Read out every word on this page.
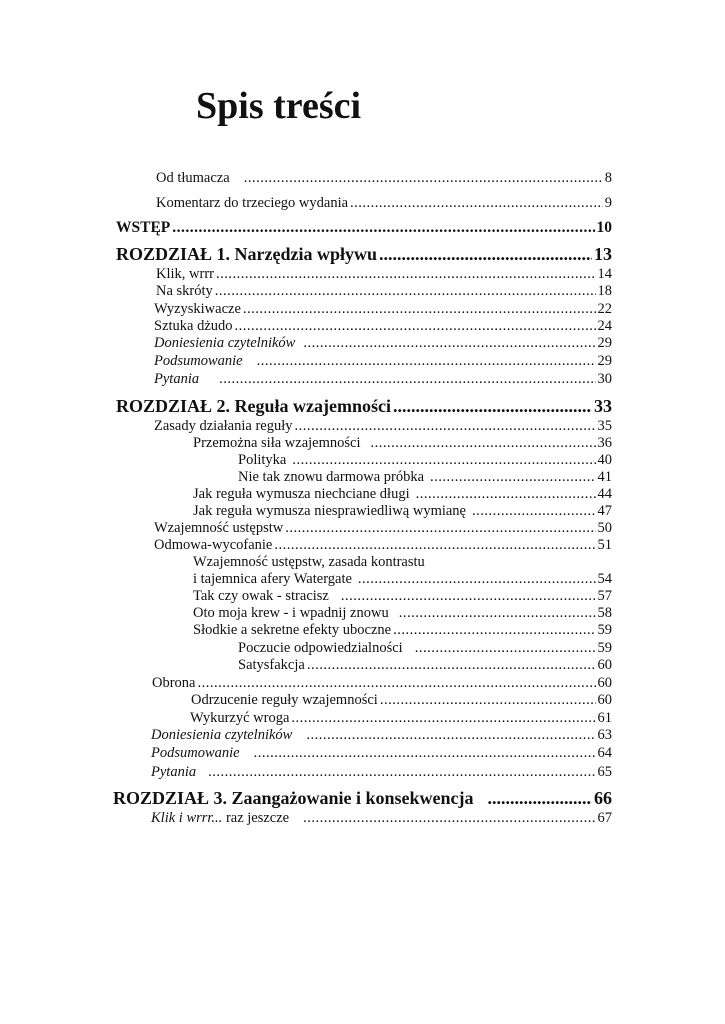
Spis treści
Od tłumacza .....	8
Komentarz do trzeciego wydania .....	9
WSTĘP .....	10
ROZDZIAŁ 1. Narzędzia wpływu .....	13
Klik, wrrr .....	14
Na skróty .....	18
Wyzyskiwacze .....	22
Sztuka dżudo .....	24
Doniesienia czytelników .....	29
Podsumowanie .....	29
Pytania .....	30
ROZDZIAŁ 2. Reguła wzajemności .....	33
Zasady działania reguły .....	35
Przemożna siła wzajemności .....	36
Polityka .....	40
Nie tak znowu darmowa próbka .....	41
Jak reguła wymusza niechciane długi .....	44
Jak reguła wymusza niesprawiedliwą wymianę .....	47
Wzajemność ustępstw .....	50
Odmowa-wycofanie .....	51
Wzajemność ustępstw, zasada kontrastu
i tajemnica afery Watergate .....	54
Tak czy owak - stracisz .....	57
Oto moja krew - i wpadnij znowu .....	58
Słodkie a sekretne efekty uboczne .....	59
Poczucie odpowiedzialności .....	59
Satysfakcja .....	60
Obrona .....	60
Odrzucenie reguły wzajemności .....	60
Wykurzyć wroga .....	61
Doniesienia czytelników .....	63
Podsumowanie .....	64
Pytania .....	65
ROZDZIAŁ 3. Zaangażowanie i konsekwencja .....	66
Klik i wrrr... raz jeszcze .....	67
